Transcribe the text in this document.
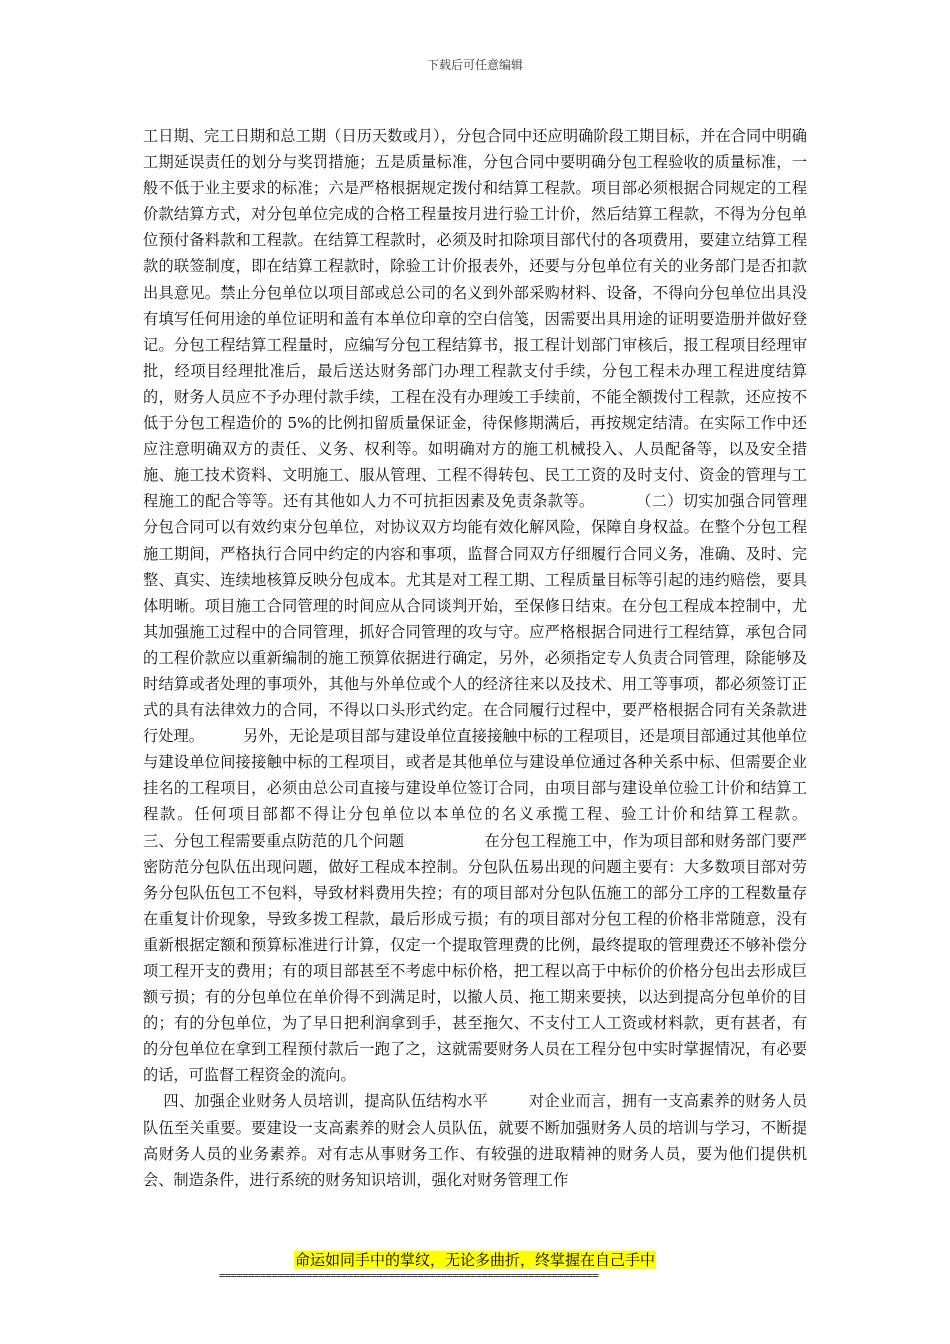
下载后可任意编辑
工日期、完工日期和总工期（日历天数或月），分包合同中还应明确阶段工期目标，并在合同中明确工期延误责任的划分与奖罚措施；五是质量标准，分包合同中要明确分包工程验收的质量标准，一般不低于业主要求的标准；六是严格根据规定拨付和结算工程款。项目部必须根据合同规定的工程价款结算方式，对分包单位完成的合格工程量按月进行验工计价，然后结算工程款，不得为分包单位预付备料款和工程款。在结算工程款时，必须及时扣除项目部代付的各项费用，要建立结算工程款的联签制度，即在结算工程款时，除验工计价报表外，还要与分包单位有关的业务部门是否扣款出具意见。禁止分包单位以项目部或总公司的名义到外部采购材料、设备，不得向分包单位出具没有填写任何用途的单位证明和盖有本单位印章的空白信笺，因需要出具用途的证明要造册并做好登记。分包工程结算工程量时，应编写分包工程结算书，报工程计划部门审核后，报工程项目经理审批，经项目经理批准后，最后送达财务部门办理工程款支付手续，分包工程未办理工程进度结算的，财务人员应不予办理付款手续，工程在没有办理竣工手续前，不能全额拨付工程款，还应按不低于分包工程造价的 5%的比例扣留质量保证金，待保修期满后，再按规定结清。在实际工作中还应注意明确双方的责任、义务、权利等。如明确对方的施工机械投入、人员配备等，以及安全措施、施工技术资料、文明施工、服从管理、工程不得转包、民工工资的及时支付、资金的管理与工程施工的配合等等。还有其他如人力不可抗拒因素及免责条款等。        （二）切实加强合同管理        分包合同可以有效约束分包单位，对协议双方均能有效化解风险，保障自身权益。在整个分包工程施工期间，严格执行合同中约定的内容和事项，监督合同双方仔细履行合同义务，准确、及时、完整、真实、连续地核算反映分包成本。尤其是对工程工期、工程质量目标等引起的违约赔偿，要具体明晰。项目施工合同管理的时间应从合同谈判开始，至保修日结束。在分包工程成本控制中，尤其加强施工过程中的合同管理，抓好合同管理的攻与守。应严格根据合同进行工程结算，承包合同的工程价款应以重新编制的施工预算依据进行确定，另外，必须指定专人负责合同管理，除能够及时结算或者处理的事项外，其他与外单位或个人的经济往来以及技术、用工等事项，都必须签订正式的具有法律效力的合同，不得以口头形式约定。在合同履行过程中，要严格根据合同有关条款进行处理。        另外，无论是项目部与建设单位直接接触中标的工程项目，还是项目部通过其他单位与建设单位间接接触中标的工程项目，或者是其他单位与建设单位通过各种关系中标、但需要企业挂名的工程项目，必须由总公司直接与建设单位签订合同，由项目部与建设单位验工计价和结算工程款。任何项目部都不得让分包单位以本单位的名义承揽工程、验工计价和结算工程款。                三、分包工程需要重点防范的几个问题                在分包工程施工中，作为项目部和财务部门要严密防范分包队伍出现问题，做好工程成本控制。分包队伍易出现的问题主要有：大多数项目部对劳务分包队伍包工不包料，导致材料费用失控；有的项目部对分包队伍施工的部分工序的工程数量存在重复计价现象，导致多拨工程款，最后形成亏损；有的项目部对分包工程的价格非常随意，没有重新根据定额和预算标准进行计算，仅定一个提取管理费的比例，最终提取的管理费还不够补偿分项工程开支的费用；有的项目部甚至不考虑中标价格，把工程以高于中标价的价格分包出去形成巨额亏损；有的分包单位在单价得不到满足时，以撤人员、拖工期来要挟，以达到提高分包单价的目的；有的分包单位，为了早日把利润拿到手，甚至拖欠、不支付工人工资或材料款，更有甚者，有的分包单位在拿到工程预付款后一跑了之，这就需要财务人员在工程分包中实时掌握情况，有必要的话，可监督工程资金的流向。
四、加强企业财务人员培训，提高队伍结构水平        对企业而言，拥有一支高素养的财务人员队伍至关重要。要建设一支高素养的财会人员队伍，就要不断加强财务人员的培训与学习，不断提高财务人员的业务素养。对有志从事财务工作、有较强的进取精神的财务人员，要为他们提供机会、制造条件，进行系统的财务知识培训，强化对财务管理工作
命运如同手中的掌纹，无论多曲折，终掌握在自己手中
=================================================================
